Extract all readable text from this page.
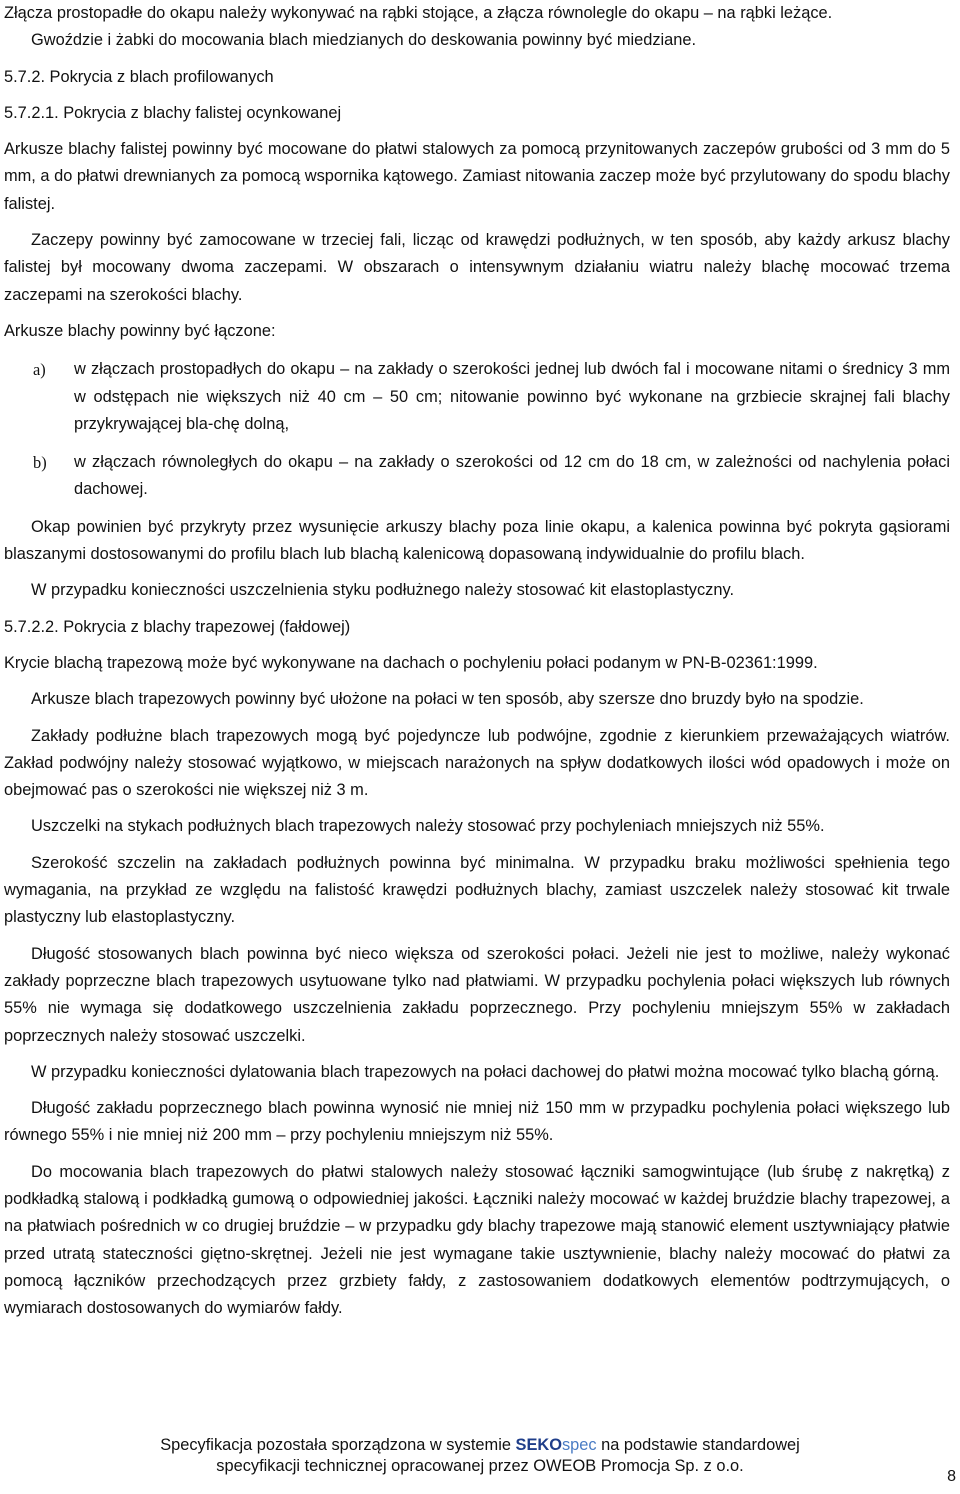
Złącza prostopadłe do okapu należy wykonywać na rąbki stojące, a złącza równolegle do okapu – na rąbki leżące.

Gwoździe i żabki do mocowania blach miedzianych do deskowania powinny być miedziane.

5.7.2. Pokrycia z blach profilowanych

5.7.2.1. Pokrycia z blachy falistej ocynkowanej

Arkusze blachy falistej powinny być mocowane do płatwi stalowych za pomocą przynitowanych zaczepów grubości od 3 mm do 5 mm, a do płatwi drewnianych za pomocą wspornika kątowego. Zamiast nitowania zaczep może być przylutowany do spodu blachy falistej.

Zaczepy powinny być zamocowane w trzeciej fali, licząc od krawędzi podłużnych, w ten sposób, aby każdy arkusz blachy falistej był mocowany dwoma zaczepami. W obszarach o intensywnym działaniu wiatru należy blachę mocować trzema zaczepami na szerokości blachy.

Arkusze blachy powinny być łączone:

a)	w złączach prostopadłych do okapu – na zakłady o szerokości jednej lub dwóch fal i mocowane nitami o średnicy 3 mm w odstępach nie większych niż 40 cm – 50 cm; nitowanie powinno być wykonane na grzbiecie skrajnej fali blachy przykrywającej bla-chę dolną,
b)	w złączach równoległych do okapu – na zakłady o szerokości od 12 cm do 18 cm, w zależności od nachylenia połaci dachowej.

Okap powinien być przykryty przez wysunięcie arkuszy blachy poza linie okapu, a kalenica powinna być pokryta gąsiorami blaszanymi dostosowanymi do profilu blach lub blachą kalenicową dopasowaną indywidualnie do profilu blach.

W przypadku konieczności uszczelnienia styku podłużnego należy stosować kit elastoplastyczny.

5.7.2.2. Pokrycia z blachy trapezowej (fałdowej)

Krycie blachą trapezową może być wykonywane na dachach o pochyleniu połaci podanym w PN-B-02361:1999.

Arkusze blach trapezowych powinny być ułożone na połaci w ten sposób, aby szersze dno bruzdy było na spodzie.

Zakłady podłużne blach trapezowych mogą być pojedyncze lub podwójne, zgodnie z kierunkiem przeważających wiatrów. Zakład podwójny należy stosować wyjątkowo, w miejscach narażonych na spływ dodatkowych ilości wód opadowych i może on obejmować pas o szerokości nie większej niż 3 m.

Uszczelki na stykach podłużnych blach trapezowych należy stosować przy pochyleniach mniejszych niż 55%.

Szerokość szczelin na zakładach podłużnych powinna być minimalna. W przypadku braku możliwości spełnienia tego wymagania, na przykład ze względu na falistość krawędzi podłużnych blachy, zamiast uszczelek należy stosować kit trwale plastyczny lub elastoplastyczny.

Długość stosowanych blach powinna być nieco większa od szerokości połaci. Jeżeli nie jest to możliwe, należy wykonać zakłady poprzeczne blach trapezowych usytuowane tylko nad płatwiami. W przypadku pochylenia połaci większych lub równych 55% nie wymaga się dodatkowego uszczelnienia zakładu poprzecznego. Przy pochyleniu mniejszym 55% w zakładach poprzecznych należy stosować uszczelki.

W przypadku konieczności dylatowania blach trapezowych na połaci dachowej do płatwi można mocować tylko blachą górną.

Długość zakładu poprzecznego blach powinna wynosić nie mniej niż 150 mm w przypadku pochylenia połaci większego lub równego 55% i nie mniej niż 200 mm – przy pochyleniu mniejszym niż 55%.

Do mocowania blach trapezowych do płatwi stalowych należy stosować łączniki samogwintujące (lub śrubę z nakrętką) z podkładką stalową i podkładką gumową o odpowiedniej jakości. Łączniki należy mocować w każdej bruździe blachy trapezowej, a na płatwiach pośrednich w co drugiej bruździe – w przypadku gdy blachy trapezowe mają stanowić element usztywniający płatwie przed utratą stateczności giętno-skrętnej. Jeżeli nie jest wymagane takie usztywnienie, blachy należy mocować do płatwi za pomocą łączników przechodzących przez grzbiety fałdy, z zastosowaniem dodatkowych elementów podtrzymujących, o wymiarach dostosowanych do wymiarów fałdy.

Specyfikacja pozostała sporządzona w systemie SEKOspec na podstawie standardowej
specyfikacji technicznej opracowanej przez OWEOB Promocja Sp. z o.o.
8
